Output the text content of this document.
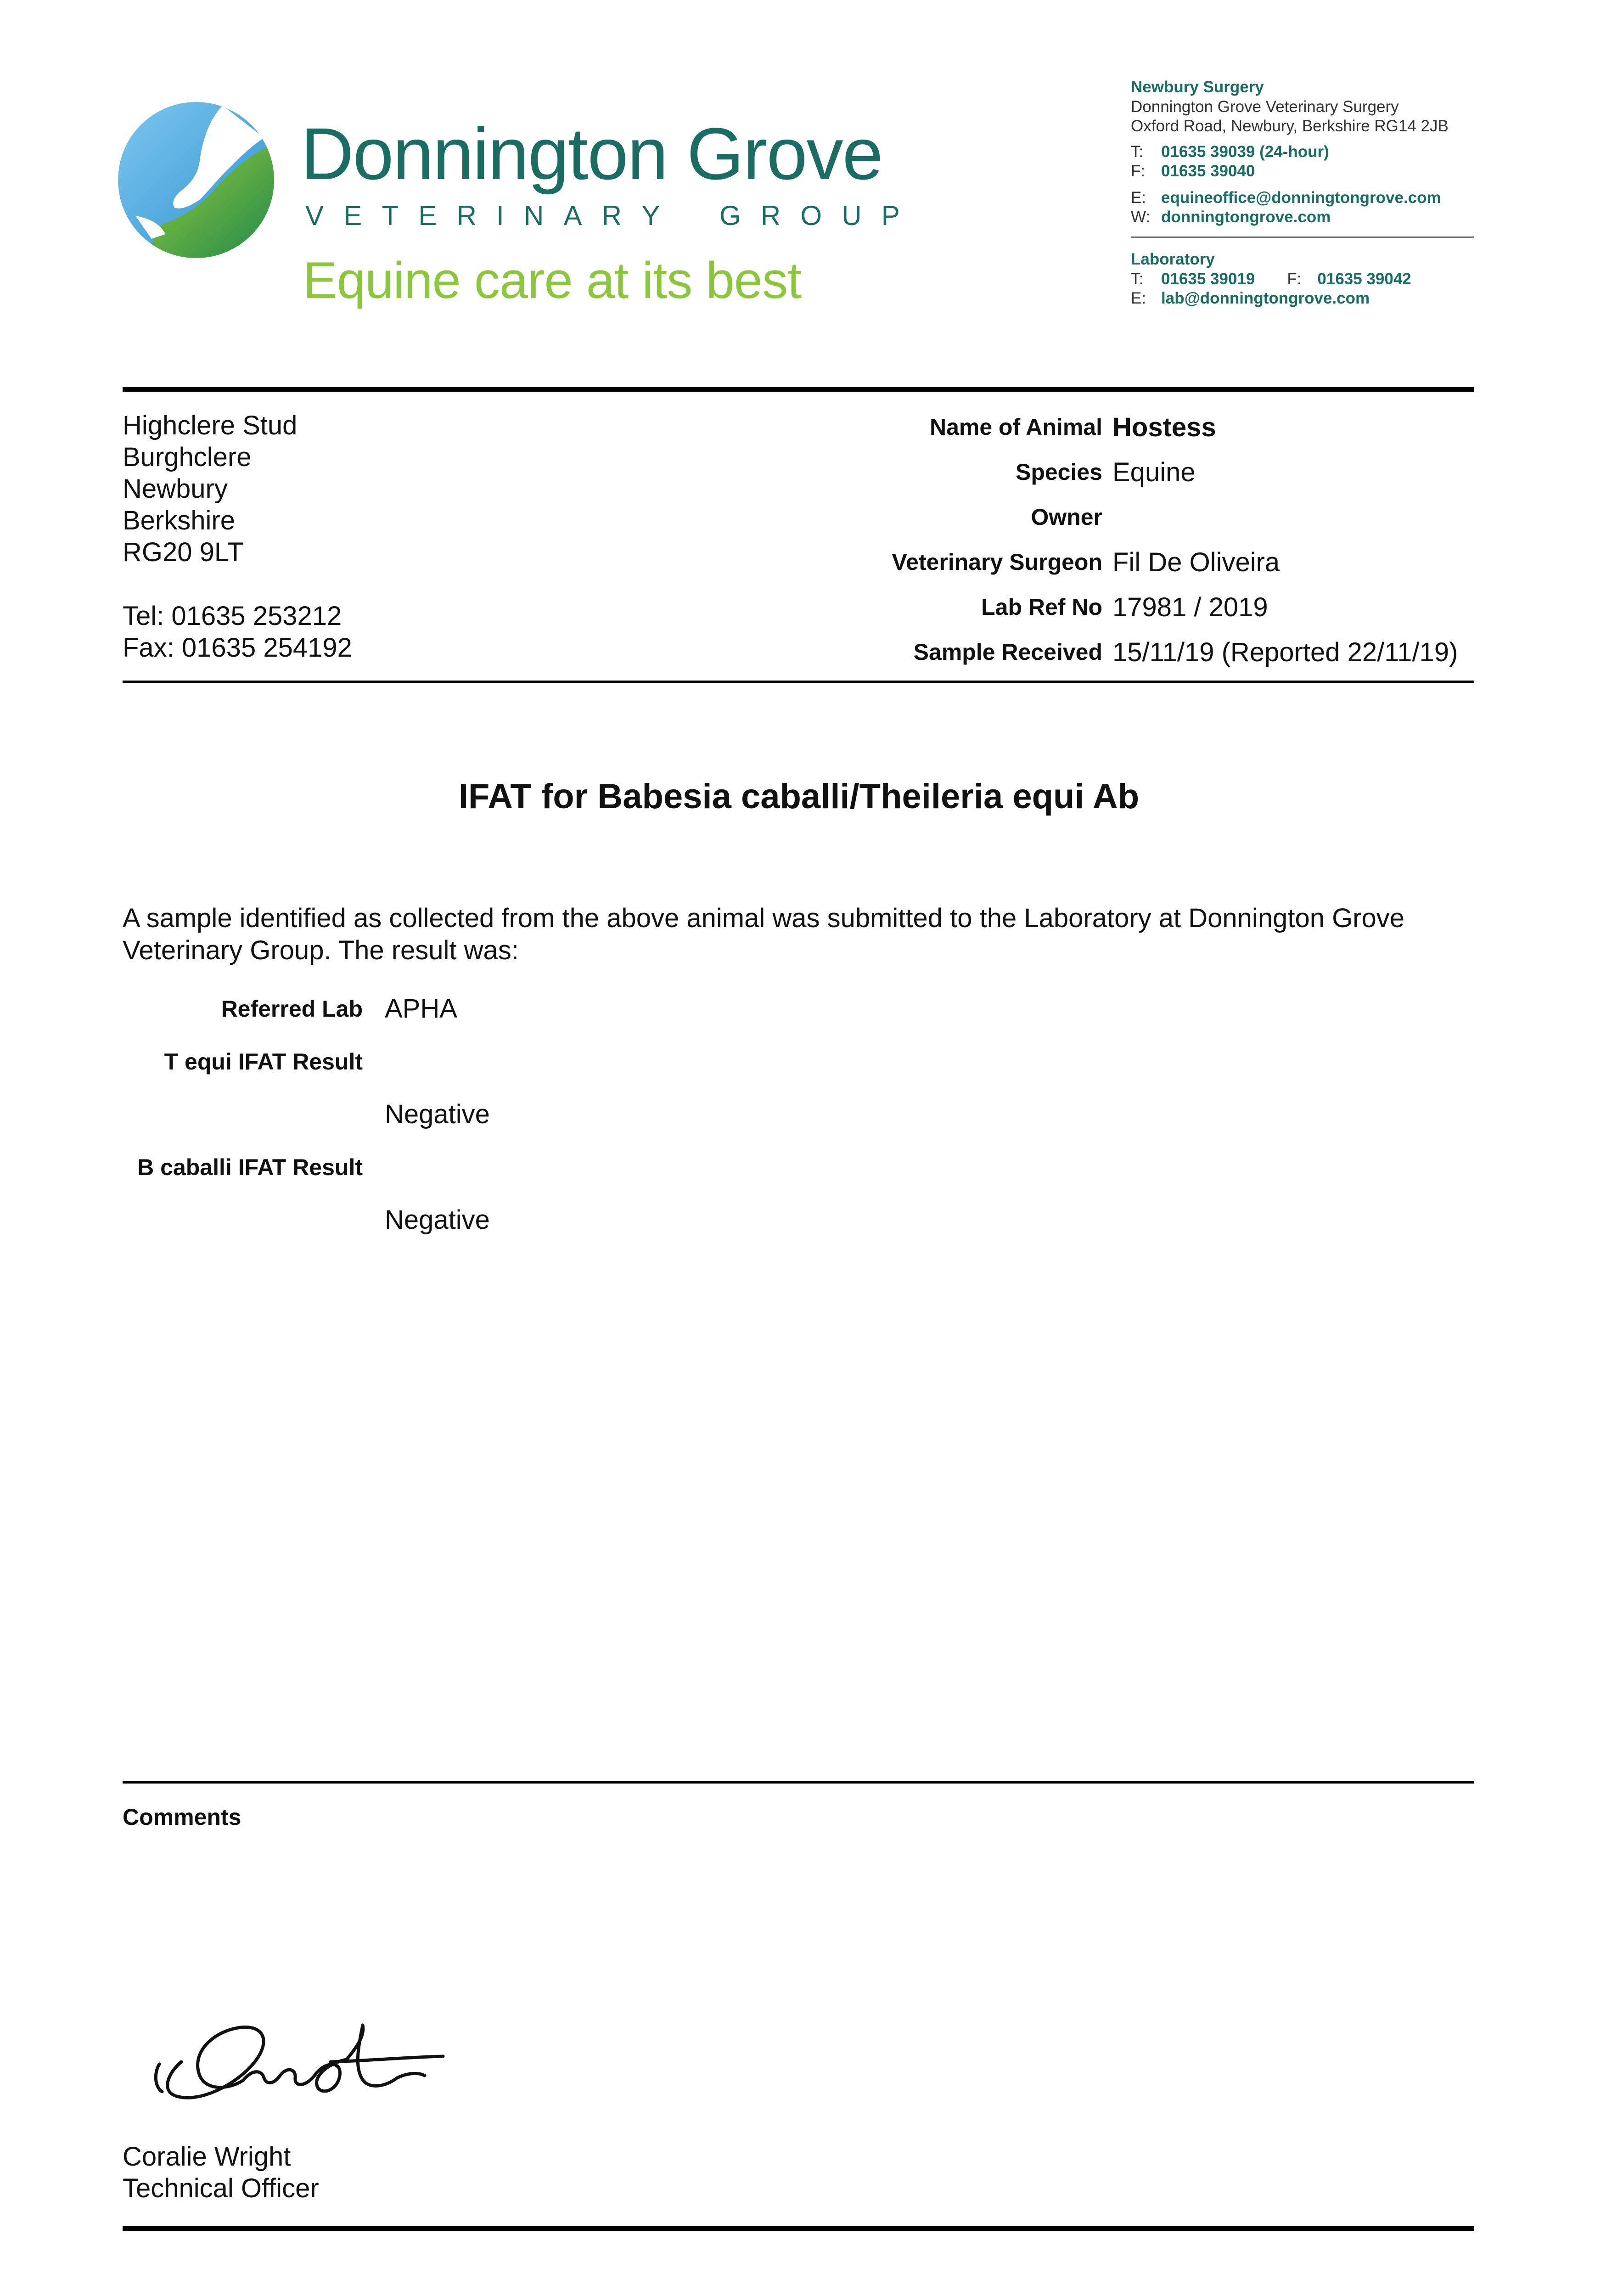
Donnington Grove
V E T E R I N A R Y G R O U P
Equine care at its best
Newbury Surgery
Donnington Grove Veterinary Surgery
Oxford Road, Newbury, Berkshire RG14 2JB
T: 01635 39039 (24-hour)
F: 01635 39040
E: equineoffice@donningtongrove.com
W: donningtongrove.com
Laboratory
T: 01635 39019 F: 01635 39042
E: lab@donningtongrove.com
Highclere Stud
Burghclere
Newbury
Berkshire
RG20 9LT
Tel: 01635 253212
Fax: 01635 254192
Name of Animal Hostess
Species Equine
Owner
Veterinary Surgeon Fil De Oliveira
Lab Ref No 17981 / 2019
Sample Received 15/11/19 (Reported 22/11/19)
IFAT for Babesia caballi/Theileria equi Ab
A sample identified as collected from the above animal was submitted to the Laboratory at Donnington Grove Veterinary Group. The result was:
Referred Lab APHA
T equi IFAT Result
Negative
B caballi IFAT Result
Negative
Comments
Coralie Wright
Technical Officer
